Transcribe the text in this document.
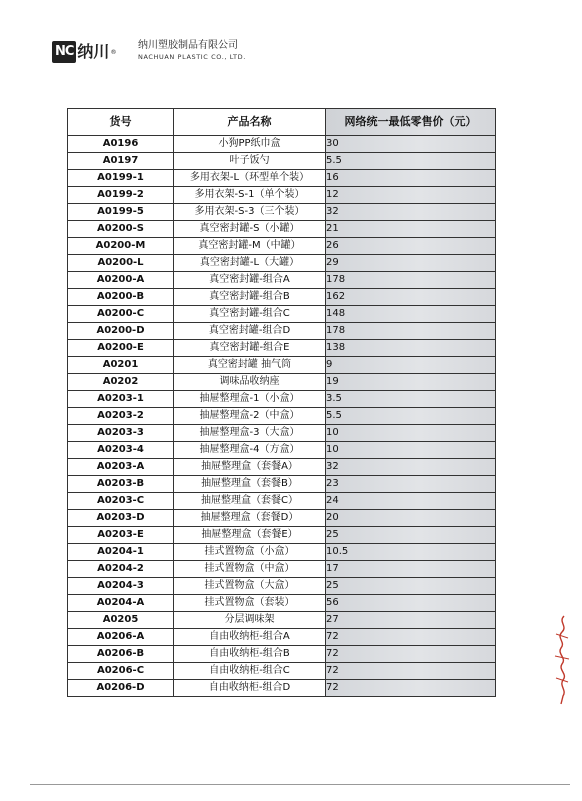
NC 纳川 ®
纳川塑胶制品有限公司
NACHUAN PLASTIC CO., LTD.
货号	产品名称	网络统一最低零售价（元）
A0196	小狗PP纸巾盒	30
A0197	叶子饭勺	5.5
A0199-1	多用衣架-L（环型单个装）	16
A0199-2	多用衣架-S-1（单个装）	12
A0199-5	多用衣架-S-3（三个装）	32
A0200-S	真空密封罐-S（小罐）	21
A0200-M	真空密封罐-M（中罐）	26
A0200-L	真空密封罐-L（大罐）	29
A0200-A	真空密封罐-组合A	178
A0200-B	真空密封罐-组合B	162
A0200-C	真空密封罐-组合C	148
A0200-D	真空密封罐-组合D	178
A0200-E	真空密封罐-组合E	138
A0201	真空密封罐 抽气筒	9
A0202	调味品收纳座	19
A0203-1	抽屉整理盒-1（小盒）	3.5
A0203-2	抽屉整理盒-2（中盒）	5.5
A0203-3	抽屉整理盒-3（大盒）	10
A0203-4	抽屉整理盒-4（方盒）	10
A0203-A	抽屉整理盒（套餐A）	32
A0203-B	抽屉整理盒（套餐B）	23
A0203-C	抽屉整理盒（套餐C）	24
A0203-D	抽屉整理盒（套餐D）	20
A0203-E	抽屉整理盒（套餐E）	25
A0204-1	挂式置物盒（小盒）	10.5
A0204-2	挂式置物盒（中盒）	17
A0204-3	挂式置物盒（大盒）	25
A0204-A	挂式置物盒（套装）	56
A0205	分层调味架	27
A0206-A	自由收纳柜-组合A	72
A0206-B	自由收纳柜-组合B	72
A0206-C	自由收纳柜-组合C	72
A0206-D	自由收纳柜-组合D	72
